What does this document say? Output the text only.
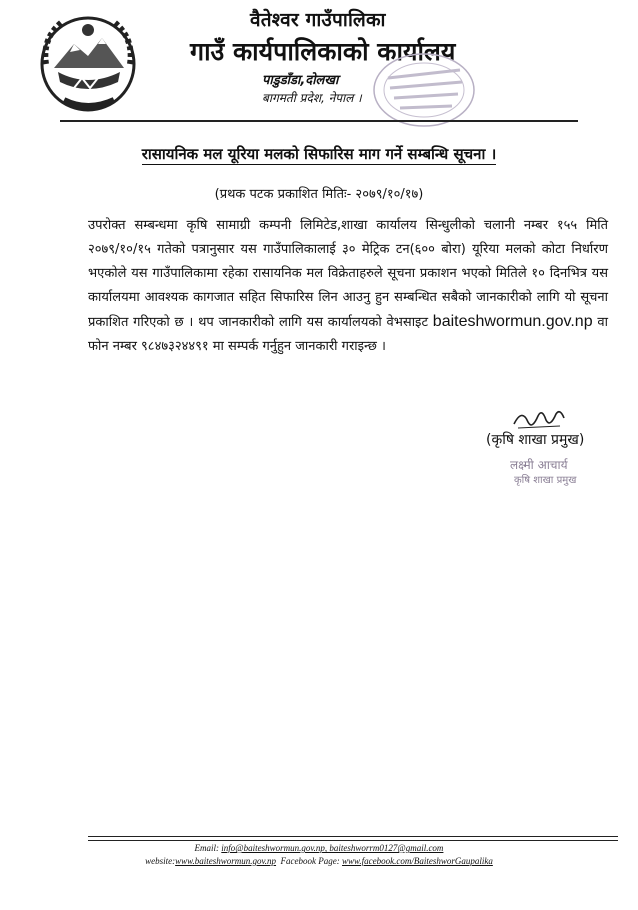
वैतेश्वर गाउँपालिका
गाउँ कार्यपालिकाको कार्यालय
पाडुडाँडा,दोलखा
बागमती प्रदेश, नेपाल ।
रासायनिक मल यूरिया मलको सिफारिस माग गर्ने सम्बन्धि सूचना ।
(प्रथक पटक प्रकाशित मितिः- २०७९/१०/१७)

उपरोक्त सम्बन्धमा कृषि सामाग्री कम्पनी लिमिटेड,शाखा कार्यालय सिन्धुलीको चलानी नम्बर १५५ मिति २०७९/१०/१५ गतेको पत्रानुसार यस गाउँपालिकालाई ३० मेट्रिक टन(६०० बोरा) यूरिया मलको कोटा निर्धारण भएकोले यस गाउँपालिकामा रहेका रासायनिक मल विक्रेताहरुले सूचना प्रकाशन भएको मितिले १० दिनभित्र यस कार्यालयमा आवश्यक कागजात सहित सिफारिस लिन आउनु हुन सम्बन्धित सबैको जानकारीको लागि यो सूचना प्रकाशित गरिएको छ । थप जानकारीको लागि यस कार्यालयको वेभसाइट baiteshwormun.gov.np वा फोन नम्बर ९८४७३२४४९१ मा सम्पर्क गर्नुहुन जानकारी गराइन्छ ।

(कृषि शाखा प्रमुख)
लक्ष्मी आचार्य
कृषि शाखा प्रमुख
Email: info@baiteshwormun.gov.np, baiteshworrm0127@gmail.com
website:www.baiteshwormun.gov.np Facebook Page: www.facebook.com/BaiteshworGaupalika
